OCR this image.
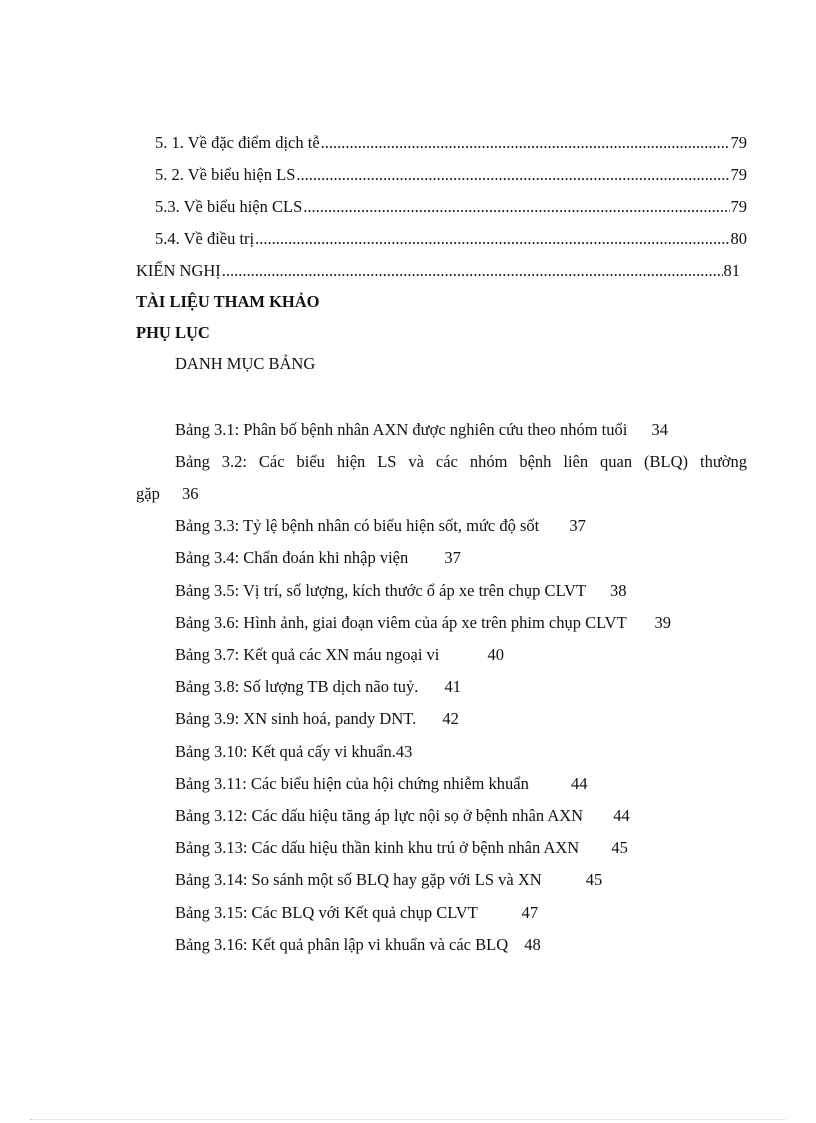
5. 1. Về đặc điểm dịch tễ .....	79
5. 2. Về biểu hiện LS .....	79
5.3. Về biểu hiện CLS .....	79
5.4. Về điều trị .....	80
KIẾN NGHỊ .....	81
TÀI LIỆU THAM KHẢO
PHỤ LỤC
DANH MỤC BẢNG
Bảng 3.1: Phân bố bệnh nhân AXN được nghiên cứu theo nhóm tuổi 34
Bảng 3.2: Các biểu hiện LS và các nhóm bệnh liên quan (BLQ) thường
gặp 36
Bảng 3.3: Tỷ lệ bệnh nhân có biểu hiện sốt, mức độ sốt 37
Bảng 3.4: Chẩn đoán khi nhập viện 37
Bảng 3.5: Vị trí, số lượng, kích thước ổ áp xe trên chụp CLVT 38
Bảng 3.6: Hình ảnh, giai đoạn viêm của áp xe trên phim chụp CLVT 39
Bảng 3.7: Kết quả các XN máu ngoại vi	40
Bảng 3.8: Số lượng TB dịch não tuỷ. 41
Bảng 3.9: XN sinh hoá, pandy DNT. 42
Bảng 3.10: Kết quả cấy vi khuẩn.43
Bảng 3.11: Các biểu hiện của hội chứng nhiễm khuẩn	44
Bảng 3.12: Các dấu hiệu tăng áp lực nội sọ ở bệnh nhân AXN 44
Bảng 3.13: Các dấu hiệu thần kinh khu trú ở bệnh nhân AXN 45
Bảng 3.14: So sánh một số BLQ hay gặp với LS và XN	45
Bảng 3.15: Các BLQ với Kết quả chụp CLVT	47
Bảng 3.16: Kết quả phân lập vi khuẩn và các BLQ 48
